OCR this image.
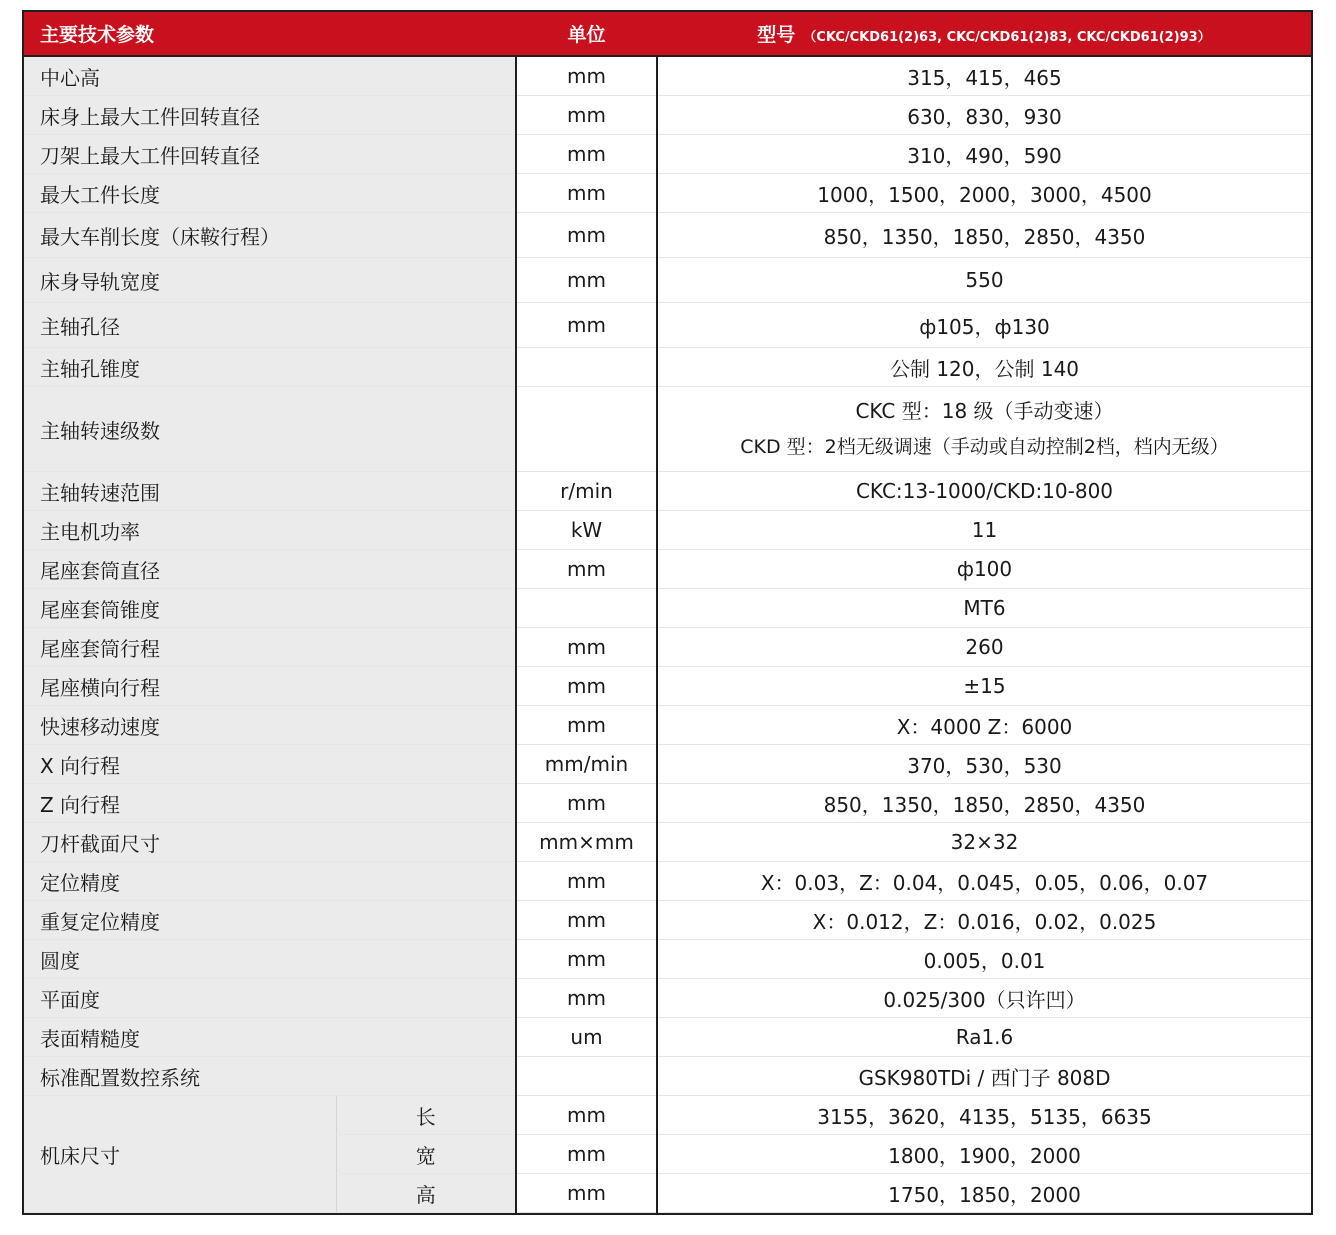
主要技术参数		单位	型号 （CKC/CKD61(2)63, CKC/CKD61(2)83, CKC/CKD61(2)93）
中心高		mm	315，415，465
床身上最大工件回转直径		mm	630，830，930
刀架上最大工件回转直径		mm	310，490，590
最大工件长度		mm	1000，1500，2000，3000，4500
最大车削长度（床鞍行程）		mm	850，1350，1850，2850，4350
床身导轨宽度		mm	550
主轴孔径		mm	ф105，ф130
主轴孔锥度			公制 120，公制 140
主轴转速级数			CKC 型：18 级（手动变速）
CKD 型：2档无级调速（手动或自动控制2档，档内无级）

主轴转速范围		r/min	CKC:13-1000/CKD:10-800
主电机功率		kW	11
尾座套筒直径		mm	ф100
尾座套筒锥度			MT6
尾座套筒行程		mm	260
尾座横向行程		mm	±15
快速移动速度		mm	X：4000 Z：6000
X 向行程		mm/min	370，530，530
Z 向行程		mm	850，1350，1850，2850，4350
刀杆截面尺寸		mm×mm	32×32
定位精度		mm	X：0.03，Z：0.04，0.045，0.05，0.06，0.07
重复定位精度		mm	X：0.012，Z：0.016，0.02，0.025
圆度		mm	0.005，0.01
平面度		mm	0.025/300（只许凹）
表面精糙度		um	Ra1.6
标准配置数控系统			GSK980TDi / 西门子 808D
机床尺寸	长	mm	3155，3620，4135，5135，6635
	宽	mm	1800，1900，2000
	高	mm	1750，1850，2000
